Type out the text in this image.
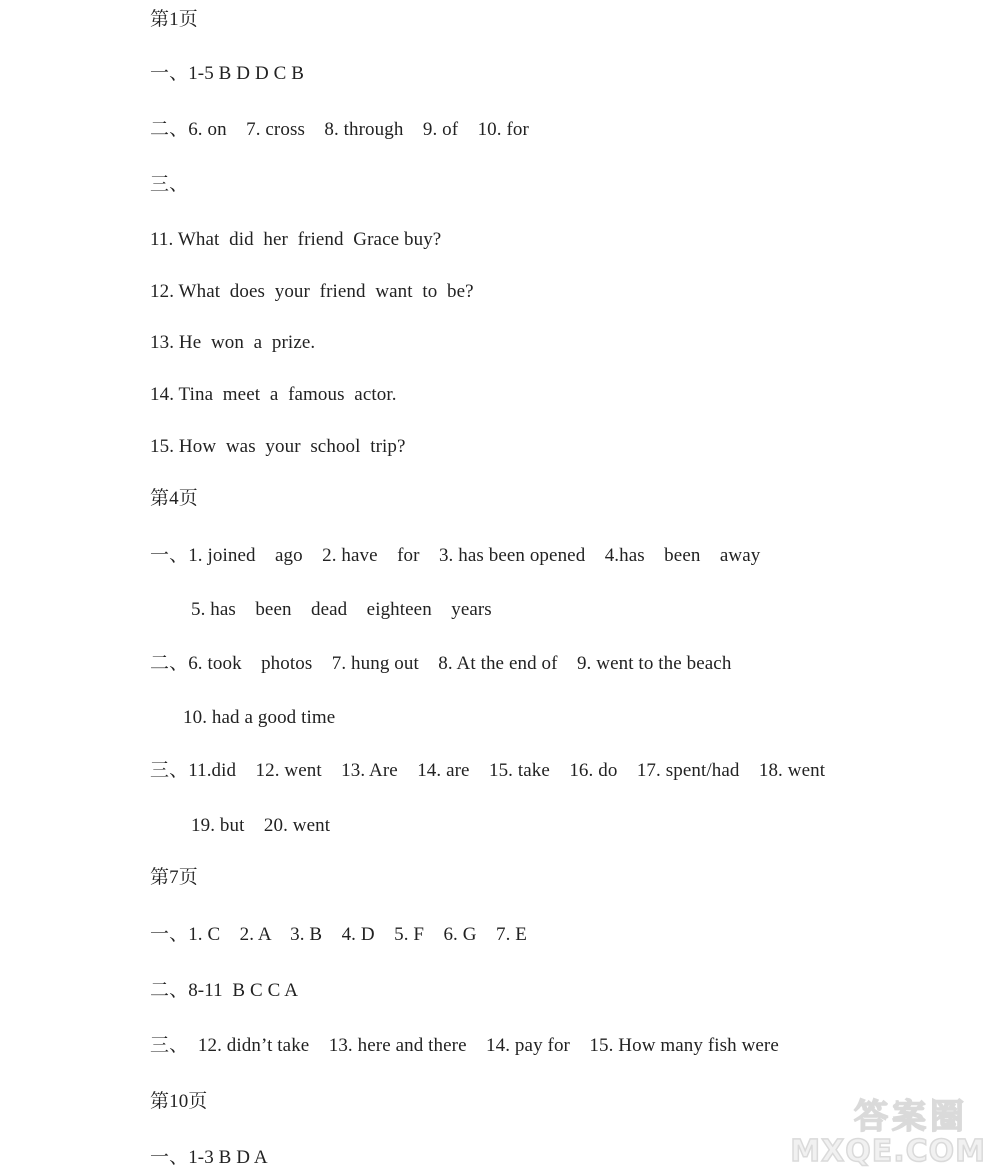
第1页
一、1-5 B D D C B
二、6. on    7. cross    8. through    9. of    10. for
三、
11. What  did  her  friend  Grace buy?
12. What  does  your  friend  want  to  be?
13. He  won  a  prize.
14. Tina  meet  a  famous  actor.
15. How  was  your  school  trip?
第4页
一、1. joined    ago    2. have    for    3. has been opened    4.has    been    away
5. has    been    dead    eighteen    years
二、6. took    photos    7. hung out    8. At the end of    9. went to the beach
10. had a good time
三、11.did    12. went    13. Are    14. are    15. take    16. do    17. spent/had    18. went
19. but    20. went
第7页
一、1. C    2. A    3. B    4. D    5. F    6. G    7. E
二、8-11  B C C A
三、  12. didn’t take    13. here and there    14. pay for    15. How many fish were
第10页
一、1-3 B D A
答案圈
MXQE.COM
